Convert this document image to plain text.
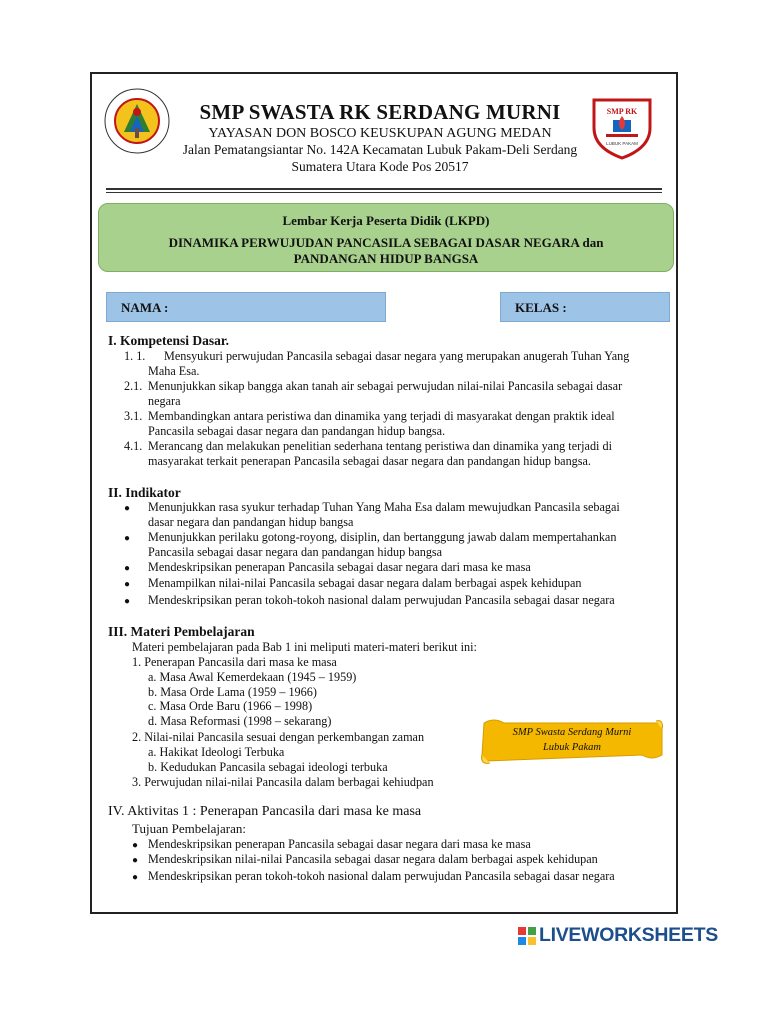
SMP RK
LUBUK PAKAM
SMP SWASTA RK SERDANG MURNI
YAYASAN DON BOSCO KEUSKUPAN AGUNG MEDAN
Jalan Pematangsiantar No. 142A Kecamatan Lubuk Pakam-Deli Serdang
Sumatera Utara Kode Pos 20517
Lembar Kerja Peserta Didik (LKPD)
DINAMIKA PERWUJUDAN PANCASILA SEBAGAI DASAR NEGARA dan
PANDANGAN HIDUP BANGSA
NAMA :	KELAS :
I. Kompetensi Dasar.
1. 1. Mensyukuri perwujudan Pancasila sebagai dasar negara yang merupakan anugerah Tuhan Yang
Maha Esa.
2.1. Menunjukkan sikap bangga akan tanah air sebagai perwujudan nilai-nilai Pancasila sebagai dasar
negara
3.1. Membandingkan antara peristiwa dan dinamika yang terjadi di masyarakat dengan praktik ideal
Pancasila sebagai dasar negara dan pandangan hidup bangsa.
4.1. Merancang dan melakukan penelitian sederhana tentang peristiwa dan dinamika yang terjadi di
masyarakat terkait penerapan Pancasila sebagai dasar negara dan pandangan hidup bangsa.
II. Indikator
● Menunjukkan rasa syukur terhadap Tuhan Yang Maha Esa dalam mewujudkan Pancasila sebagai
dasar negara dan pandangan hidup bangsa
● Menunjukkan perilaku gotong-royong, disiplin, dan bertanggung jawab dalam mempertahankan
Pancasila sebagai dasar negara dan pandangan hidup bangsa
● Mendeskripsikan penerapan Pancasila sebagai dasar negara dari masa ke masa
● Menampilkan nilai-nilai Pancasila sebagai dasar negara dalam berbagai aspek kehidupan
● Mendeskripsikan peran tokoh-tokoh nasional dalam perwujudan Pancasila sebagai dasar negara
III. Materi Pembelajaran
Materi pembelajaran pada Bab 1 ini meliputi materi-materi berikut ini:
1. Penerapan Pancasila dari masa ke masa
a. Masa Awal Kemerdekaan (1945 – 1959)
b. Masa Orde Lama (1959 – 1966)
c. Masa Orde Baru (1966 – 1998)
d. Masa Reformasi (1998 – sekarang)
2. Nilai-nilai Pancasila sesuai dengan perkembangan zaman
a. Hakikat Ideologi Terbuka
b. Kedudukan Pancasila sebagai ideologi terbuka
3. Perwujudan nilai-nilai Pancasila dalam berbagai kehiudpan
SMP Swasta Serdang Murni
Lubuk Pakam
IV. Aktivitas 1 : Penerapan Pancasila dari masa ke masa
Tujuan Pembelajaran:
● Mendeskripsikan penerapan Pancasila sebagai dasar negara dari masa ke masa
● Mendeskripsikan nilai-nilai Pancasila sebagai dasar negara dalam berbagai aspek kehidupan
● Mendeskripsikan peran tokoh-tokoh nasional dalam perwujudan Pancasila sebagai dasar negara
LIVEWORKSHEETS
